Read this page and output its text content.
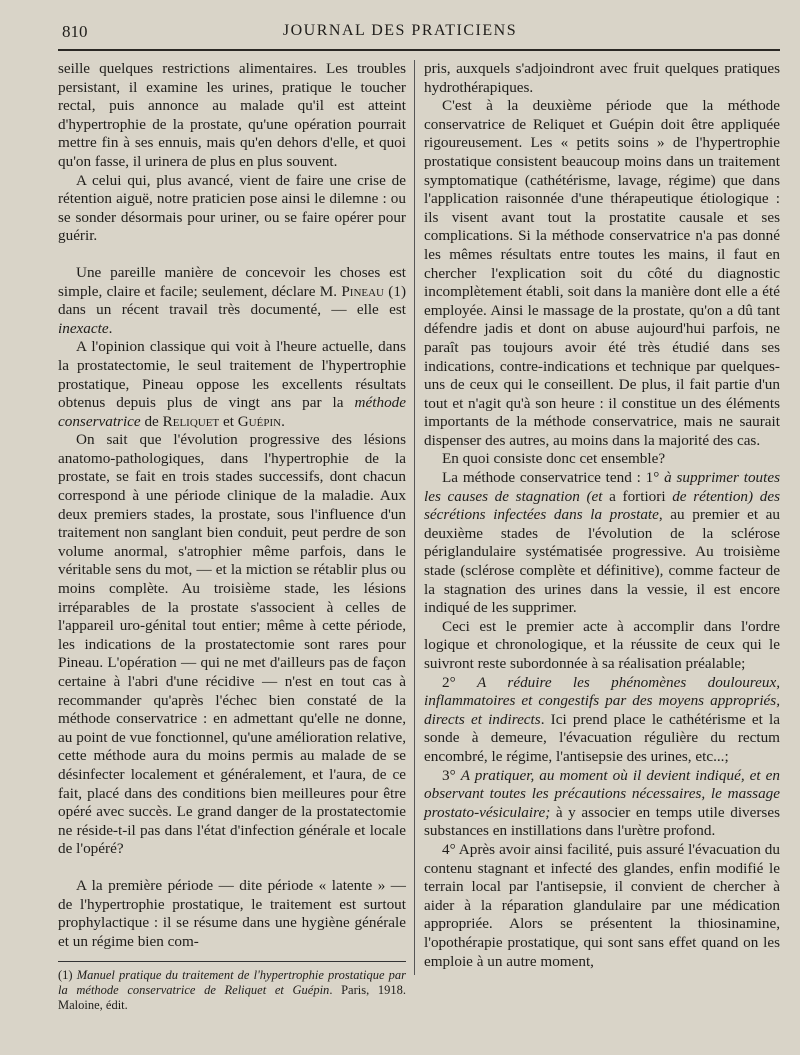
810	JOURNAL DES PRATICIENS

seille quelques restrictions alimentaires. Les troubles persistant, il examine les urines, pratique le toucher rectal, puis annonce au malade qu'il est atteint d'hypertrophie de la prostate, qu'une opération pourrait mettre fin à ses ennuis, mais qu'en dehors d'elle, et quoi qu'on fasse, il urinera de plus en plus souvent.

A celui qui, plus avancé, vient de faire une crise de rétention aiguë, notre praticien pose ainsi le dilemne : ou se sonder désormais pour uriner, ou se faire opérer pour guérir.

Une pareille manière de concevoir les choses est simple, claire et facile; seulement, déclare M. Pineau (1) dans un récent travail très documenté, — elle est inexacte.

A l'opinion classique qui voit à l'heure actuelle, dans la prostatectomie, le seul traitement de l'hypertrophie prostatique, Pineau oppose les excellents résultats obtenus depuis plus de vingt ans par la méthode conservatrice de Reliquet et Guépin.

On sait que l'évolution progressive des lésions anatomo-pathologiques, dans l'hypertrophie de la prostate, se fait en trois stades successifs, dont chacun correspond à une période clinique de la maladie. Aux deux premiers stades, la prostate, sous l'influence d'un traitement non sanglant bien conduit, peut perdre de son volume anormal, s'atrophier même parfois, dans le véritable sens du mot, — et la miction se rétablir plus ou moins complète. Au troisième stade, les lésions irréparables de la prostate s'associent à celles de l'appareil uro-génital tout entier; même à cette période, les indications de la prostatectomie sont rares pour Pineau. L'opération — qui ne met d'ailleurs pas de façon certaine à l'abri d'une récidive — n'est en tout cas à recommander qu'après l'échec bien constaté de la méthode conservatrice : en admettant qu'elle ne donne, au point de vue fonctionnel, qu'une amélioration relative, cette méthode aura du moins permis au malade de se désinfecter localement et généralement, et l'aura, de ce fait, placé dans des conditions bien meilleures pour être opéré avec succès. Le grand danger de la prostatectomie ne réside-t-il pas dans l'état d'infection générale et locale de l'opéré?

A la première période — dite période « latente » — de l'hypertrophie prostatique, le traitement est surtout prophylactique : il se résume dans une hygiène générale et un régime bien com-

(1) Manuel pratique du traitement de l'hypertrophie prostatique par la méthode conservatrice de Reliquet et Guépin. Paris, 1918. Maloine, édit.

pris, auxquels s'adjoindront avec fruit quelques pratiques hydrothérapiques.

C'est à la deuxième période que la méthode conservatrice de Reliquet et Guépin doit être appliquée rigoureusement. Les « petits soins » de l'hypertrophie prostatique consistent beaucoup moins dans un traitement symptomatique (cathétérisme, lavage, régime) que dans l'application raisonnée d'une thérapeutique étiologique : ils visent avant tout la prostatite causale et ses complications. Si la méthode conservatrice n'a pas donné les mêmes résultats entre toutes les mains, il faut en chercher l'explication soit du côté du diagnostic incomplètement établi, soit dans la manière dont elle a été employée. Ainsi le massage de la prostate, qu'on a dû tant défendre jadis et dont on abuse aujourd'hui parfois, ne paraît pas toujours avoir été très étudié dans ses indications, contre-indications et technique par quelques-uns de ceux qui le conseillent. De plus, il fait partie d'un tout et n'agit qu'à son heure : il constitue un des éléments importants de la méthode conservatrice, mais ne saurait dispenser des autres, au moins dans la majorité des cas.

En quoi consiste donc cet ensemble?

La méthode conservatrice tend : 1° à supprimer toutes les causes de stagnation (et a fortiori de rétention) des sécrétions infectées dans la prostate, au premier et au deuxième stades de l'évolution de la sclérose périglandulaire systématisée progressive. Au troisième stade (sclérose complète et définitive), comme facteur de la stagnation des urines dans la vessie, il est encore indiqué de les supprimer.

Ceci est le premier acte à accomplir dans l'ordre logique et chronologique, et la réussite de ceux qui le suivront reste subordonnée à sa réalisation préalable;

2° A réduire les phénomènes douloureux, inflammatoires et congestifs par des moyens appropriés, directs et indirects. Ici prend place le cathétérisme et la sonde à demeure, l'évacuation régulière du rectum encombré, le régime, l'antisepsie des urines, etc...;

3° A pratiquer, au moment où il devient indiqué, et en observant toutes les précautions nécessaires, le massage prostato-vésiculaire; à y associer en temps utile diverses substances en instillations dans l'urètre profond.

4° Après avoir ainsi facilité, puis assuré l'évacuation du contenu stagnant et infecté des glandes, enfin modifié le terrain local par l'antisepsie, il convient de chercher à aider à la réparation glandulaire par une médication appropriée. Alors se présentent la thiosinamine, l'opothérapie prostatique, qui sont sans effet quand on les emploie à un autre moment,
